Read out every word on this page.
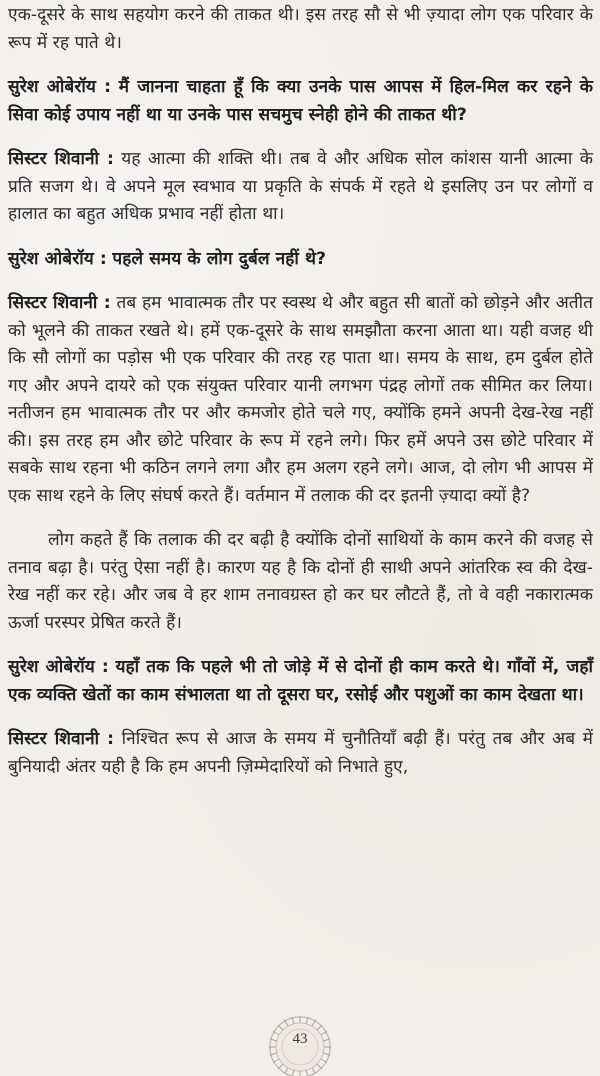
एक-दूसरे के साथ सहयोग करने की ताकत थी। इस तरह सौ से भी ज़्यादा लोग एक परिवार के रूप में रह पाते थे।

सुरेश ओबेरॉय : मैं जानना चाहता हूँ कि क्या उनके पास आपस में हिल-मिल कर रहने के सिवा कोई उपाय नहीं था या उनके पास सचमुच स्नेही होने की ताकत थी?

सिस्टर शिवानी : यह आत्मा की शक्ति थी। तब वे और अधिक सोल कांशस यानी आत्मा के प्रति सजग थे। वे अपने मूल स्वभाव या प्रकृति के संपर्क में रहते थे इसलिए उन पर लोगों व हालात का बहुत अधिक प्रभाव नहीं होता था।

सुरेश ओबेरॉय : पहले समय के लोग दुर्बल नहीं थे?

सिस्टर शिवानी : तब हम भावात्मक तौर पर स्वस्थ थे और बहुत सी बातों को छोड़ने और अतीत को भूलने की ताकत रखते थे। हमें एक-दूसरे के साथ समझौता करना आता था। यही वजह थी कि सौ लोगों का पड़ोस भी एक परिवार की तरह रह पाता था। समय के साथ, हम दुर्बल होते गए और अपने दायरे को एक संयुक्त परिवार यानी लगभग पंद्रह लोगों तक सीमित कर लिया। नतीजन हम भावात्मक तौर पर और कमजोर होते चले गए, क्योंकि हमने अपनी देख-रेख नहीं की। इस तरह हम और छोटे परिवार के रूप में रहने लगे। फिर हमें अपने उस छोटे परिवार में सबके साथ रहना भी कठिन लगने लगा और हम अलग रहने लगे। आज, दो लोग भी आपस में एक साथ रहने के लिए संघर्ष करते हैं। वर्तमान में तलाक की दर इतनी ज़्यादा क्यों है?

लोग कहते हैं कि तलाक की दर बढ़ी है क्योंकि दोनों साथियों के काम करने की वजह से तनाव बढ़ा है। परंतु ऐसा नहीं है। कारण यह है कि दोनों ही साथी अपने आंतरिक स्व की देख-रेख नहीं कर रहे। और जब वे हर शाम तनावग्रस्त हो कर घर लौटते हैं, तो वे वही नकारात्मक ऊर्जा परस्पर प्रेषित करते हैं।

सुरेश ओबेरॉय : यहाँ तक कि पहले भी तो जोड़े में से दोनों ही काम करते थे। गाँवों में, जहाँ एक व्यक्ति खेतों का काम संभालता था तो दूसरा घर, रसोई और पशुओं का काम देखता था।

सिस्टर शिवानी : निश्चित रूप से आज के समय में चुनौतियाँ बढ़ी हैं। परंतु तब और अब में बुनियादी अंतर यही है कि हम अपनी ज़िम्मेदारियों को निभाते हुए,

43
